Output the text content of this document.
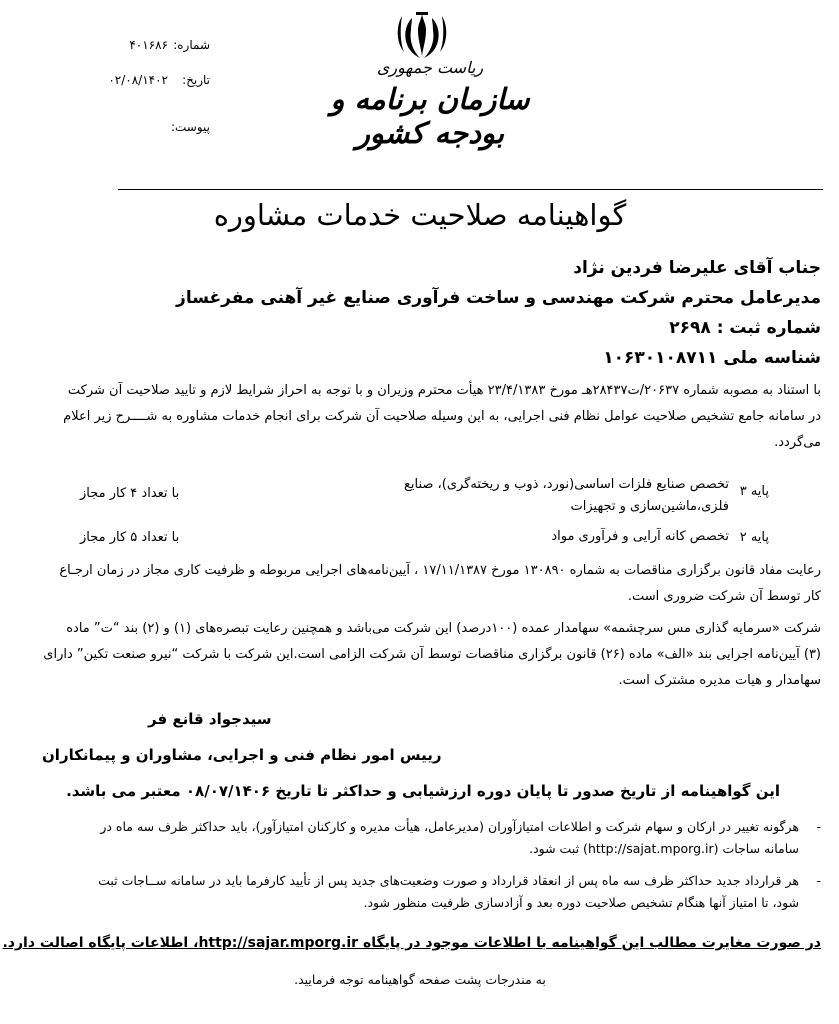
شماره:
۴۰۱۶۸۶
تاریخ:
۰۲/۰۸/۱۴۰۲
پیوست:
ریاست جمهوری
سازمان برنامه و بودجه کشور
گواهینامه صلاحیت خدمات مشاوره
جناب آقای علیرضا فردین نژاد
مدیرعامل محترم شرکت مهندسی و ساخت فرآوری صنایع غیر آهنی مفرغساز
شماره ثبت : ۲۶۹۸
شناسه ملی ۱۰۶۳۰۱۰۸۷۱۱
با استناد به مصوبه شماره ۲۰۶۳۷/ت۲۸۴۳۷هـ مورخ ۲۳/۴/۱۳۸۳ هیأت محترم وزیران و با توجه به احراز شرایط لازم و تایید صلاحیت آن شرکت
در سامانه جامع تشخیص صلاحیت عوامل نظام فنی اجرایی، به این وسیله صلاحیت آن شرکت برای انجام خدمات مشاوره به شــــرح زیر اعلام
می‌گردد.
پایه ۳
تخصص صنایع فلزات اساسی(نورد، ذوب و ریخته‌گری)، صنایع
فلزی،ماشین‌سازی و تجهیزات
با تعداد ۴ کار مجاز
پایه ۲
تخصص کانه آرایی و فرآوری مواد
با تعداد ۵ کار مجاز
رعایت مفاد قانون برگزاری مناقصات به شماره ۱۳۰۸۹۰ مورخ ۱۷/۱۱/۱۳۸۷ ، آیین‌نامه‌های اجرایی مربوطه و ظرفیت کاری مجاز در زمان ارجـاع
کار توسط آن شرکت ضروری است.
شرکت «سرمایه گذاری مس سرچشمه» سهامدار عمده (۱۰۰درصد) این شرکت می‌باشد و همچنین رعایت تبصره‌های (۱) و (۲) بند “ت” ماده
(۳) آیین‌نامه اجرایی بند «الف» ماده (۲۶) قانون برگزاری مناقصات توسط آن شرکت الزامی است.این شرکت با شرکت “نیرو صنعت تکین” دارای
سهامدار و هیات مدیره مشترک است.
سیدجواد قانع فر
رییس امور نظام فنی و اجرایی، مشاوران و پیمانکاران
این گواهینامه از تاریخ صدور تا پایان دوره ارزشیابی و حداکثر تا تاریخ ۰۸/۰۷/۱۴۰۶ معتبر می باشد.
-
هرگونه تغییر در ارکان و سهام شرکت و اطلاعات امتیازآوران (مدیرعامل، هیأت مدیره و کارکنان امتیازآور)، باید حداکثر ظرف سه ماه در
سامانه ساجات (http://sajat.mporg.ir) ثبت شود.
-
هر قرارداد جدید حداکثر ظرف سه ماه پس از انعقاد قرارداد و صورت وضعیت‌های جدید پس از تأیید کارفرما باید در سامانه ســاجات ثبت
شود، تا امتیاز آنها هنگام تشخیص صلاحیت دوره بعد و آزادسازی ظرفیت منظور شود.
در صورت مغایرت مطالب این گواهینامه با اطلاعات موجود در پایگاه http://sajar.mporg.ir، اطلاعات پایگاه اصالت دارد.
به مندرجات پشت صفحه گواهینامه توجه فرمایید.
